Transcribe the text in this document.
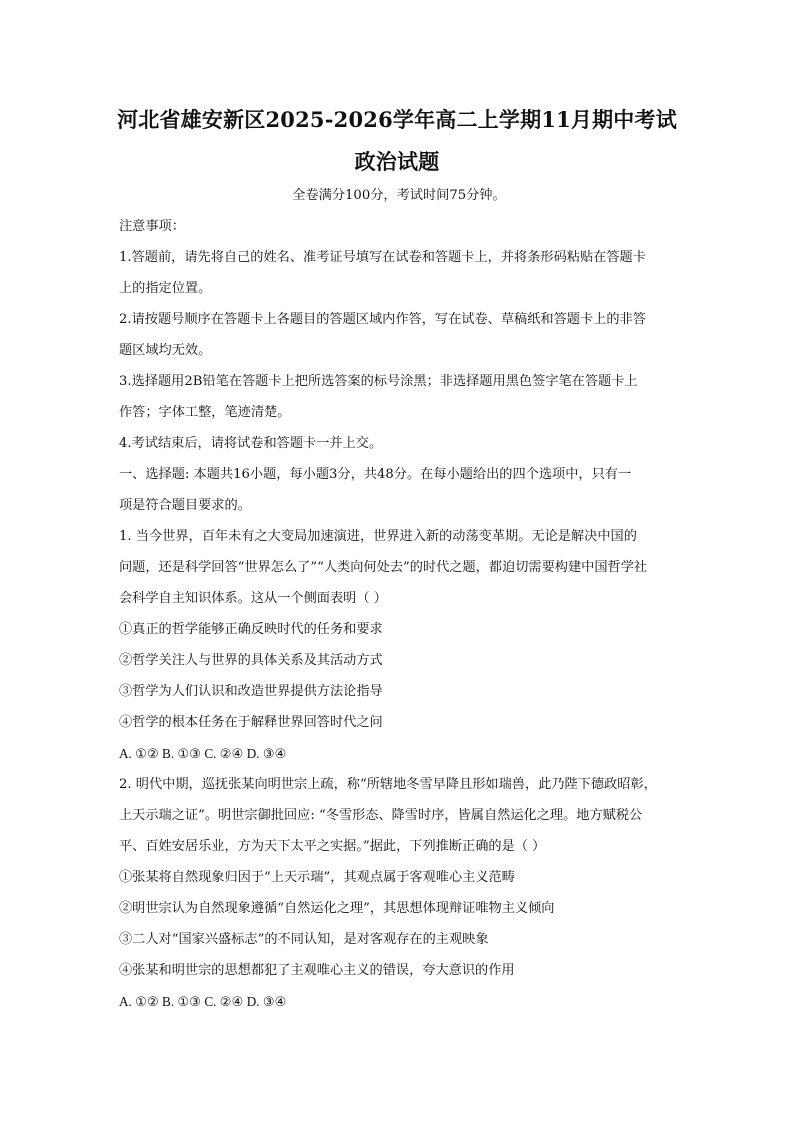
河北省雄安新区2025-2026学年高二上学期11月期中考试
政治试题
全卷满分100分，考试时间75分钟。
注意事项：
1.答题前，请先将自己的姓名、准考证号填写在试卷和答题卡上，并将条形码粘贴在答题卡
上的指定位置。
2.请按题号顺序在答题卡上各题目的答题区域内作答，写在试卷、草稿纸和答题卡上的非答
题区域均无效。
3.选择题用2B铅笔在答题卡上把所选答案的标号涂黑；非选择题用黑色签字笔在答题卡上
作答；字体工整，笔迹清楚。
4.考试结束后，请将试卷和答题卡一并上交。
一、选择题: 本题共16小题，每小题3分，共48分。在每小题给出的四个选项中，只有一
项是符合题目要求的。
1. 当今世界，百年未有之大变局加速演进，世界进入新的动荡变革期。无论是解决中国的
问题，还是科学回答“世界怎么了”“人类向何处去”的时代之题，都迫切需要构建中国哲学社
会科学自主知识体系。这从一个侧面表明（ ）
①真正的哲学能够正确反映时代的任务和要求
②哲学关注人与世界的具体关系及其活动方式
③哲学为人们认识和改造世界提供方法论指导
④哲学的根本任务在于解释世界回答时代之问
A. ①② B. ①③ C. ②④ D. ③④
2. 明代中期，巡抚张某向明世宗上疏，称“所辖地冬雪早降且形如瑞兽，此乃陛下德政昭彰，
上天示瑞之证”。明世宗御批回应: “冬雪形态、降雪时序，皆属自然运化之理。地方赋税公
平、百姓安居乐业，方为天下太平之实据。”据此，下列推断正确的是（ ）
①张某将自然现象归因于“上天示瑞”，其观点属于客观唯心主义范畴
②明世宗认为自然现象遵循“自然运化之理”，其思想体现辩证唯物主义倾向
③二人对“国家兴盛标志”的不同认知，是对客观存在的主观映象
④张某和明世宗的思想都犯了主观唯心主义的错误，夸大意识的作用
A. ①② B. ①③ C. ②④ D. ③④
